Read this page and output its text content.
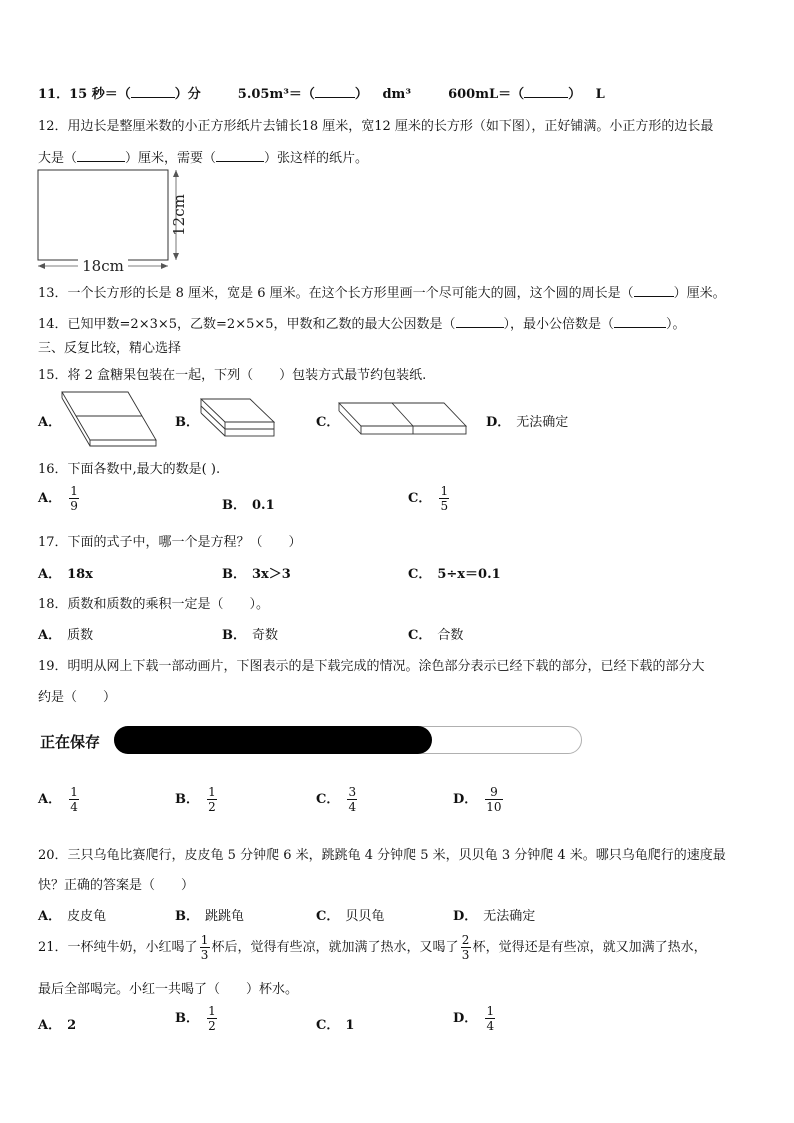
11．15 秒＝（	）分	5.05m³＝（	） dm³	600mL＝（	） L
12．用边长是整厘米数的小正方形纸片去铺长18 厘米，宽12 厘米的长方形（如下图），正好铺满。小正方形的边长最
大是（	）厘米，需要（	）张这样的纸片。
12cm
18cm
13．一个长方形的长是 8 厘米，宽是 6 厘米。在这个长方形里画一个尽可能大的圆，这个圆的周长是（	）厘米。
14．已知甲数=2×3×5，乙数=2×5×5，甲数和乙数的最大公因数是（	），最小公倍数是（	）。
三、反复比较，精心选择
15．将 2 盒糖果包装在一起，下列（　　）包装方式最节约包装纸.
A．	B．	C．	D． 无法确定
16．下面各数中,最大的数是( ).
A． $\frac{1}{9}$	B． 0.1	C． $\frac{1}{5}$
17．下面的式子中，哪一个是方程？（　　）
A． 18x	B． 3x＞3	C． 5÷x＝0.1
18．质数和质数的乘积一定是（　　）。
A． 质数	B． 奇数	C． 合数
19．明明从网上下载一部动画片，下图表示的是下载完成的情况。涂色部分表示已经下载的部分，已经下载的部分大
约是（　　）
正在保存
A． $\frac{1}{4}$	B． $\frac{1}{2}$	C． $\frac{3}{4}$	D． $\frac{9}{10}$
20．三只乌龟比赛爬行，皮皮龟 5 分钟爬 6 米，跳跳龟 4 分钟爬 5 米，贝贝龟 3 分钟爬 4 米。哪只乌龟爬行的速度最
快？正确的答案是（　　）
A． 皮皮龟	B． 跳跳龟	C． 贝贝龟	D． 无法确定
21．一杯纯牛奶，小红喝了 $\frac{1}{3}$ 杯后，觉得有些凉，就加满了热水，又喝了 $\frac{2}{3}$ 杯，觉得还是有些凉，就又加满了热水，
最后全部喝完。小红一共喝了（　　）杯水。
A． 2	B． $\frac{1}{2}$	C． 1	D． $\frac{1}{4}$
